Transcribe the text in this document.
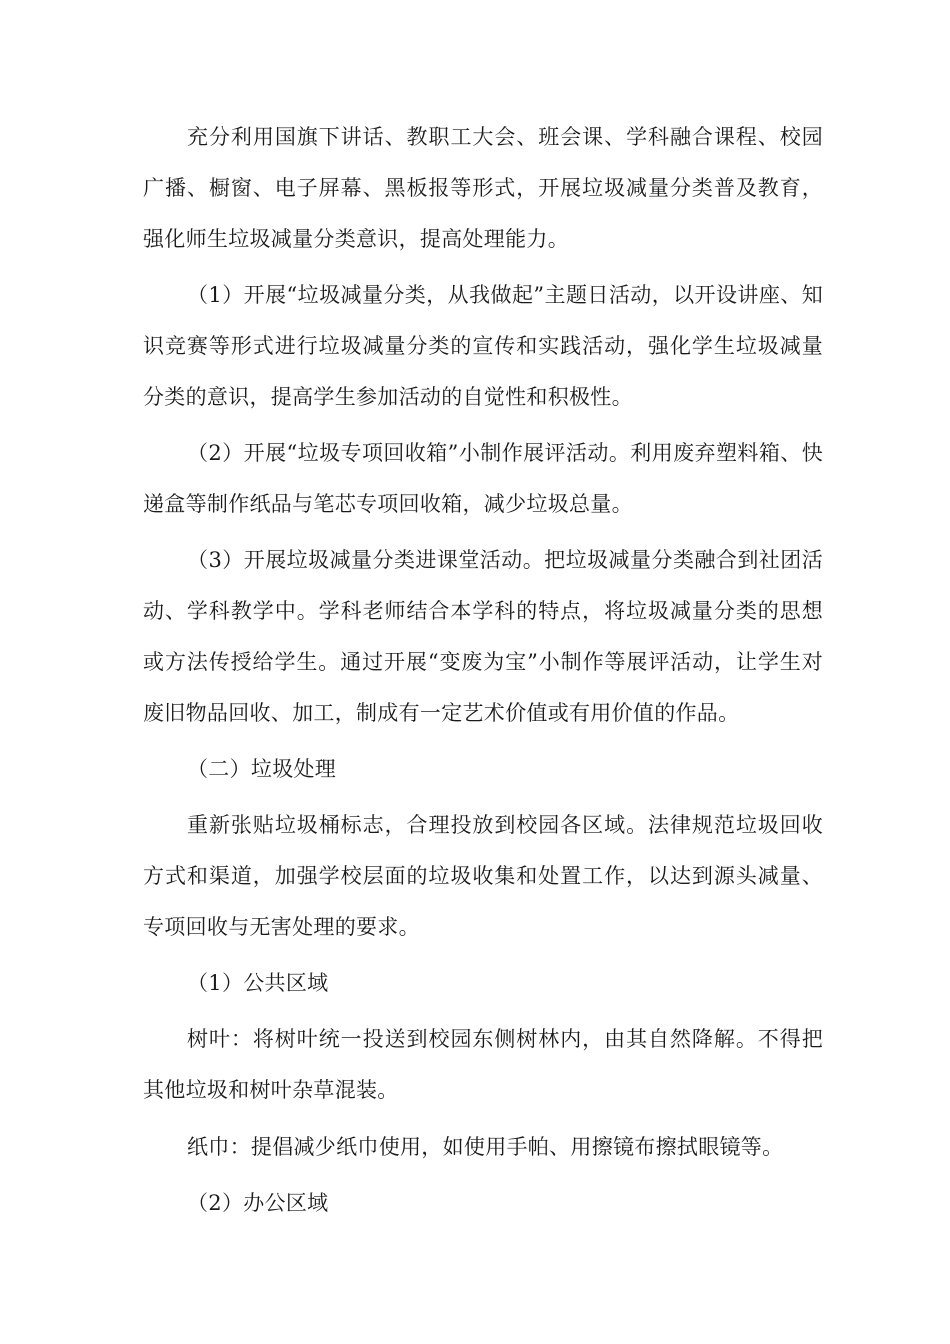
充分利用国旗下讲话、教职工大会、班会课、学科融合课程、校园广播、橱窗、电子屏幕、黑板报等形式，开展垃圾减量分类普及教育，强化师生垃圾减量分类意识，提高处理能力。

（1）开展“垃圾减量分类，从我做起”主题日活动，以开设讲座、知识竞赛等形式进行垃圾减量分类的宣传和实践活动，强化学生垃圾减量分类的意识，提高学生参加活动的自觉性和积极性。

（2）开展“垃圾专项回收箱”小制作展评活动。利用废弃塑料箱、快递盒等制作纸品与笔芯专项回收箱，减少垃圾总量。

（3）开展垃圾减量分类进课堂活动。把垃圾减量分类融合到社团活动、学科教学中。学科老师结合本学科的特点，将垃圾减量分类的思想或方法传授给学生。通过开展“变废为宝”小制作等展评活动，让学生对废旧物品回收、加工，制成有一定艺术价值或有用价值的作品。

（二）垃圾处理

重新张贴垃圾桶标志，合理投放到校园各区域。法律规范垃圾回收方式和渠道，加强学校层面的垃圾收集和处置工作，以达到源头减量、专项回收与无害处理的要求。

（1）公共区域

树叶：将树叶统一投送到校园东侧树林内，由其自然降解。不得把其他垃圾和树叶杂草混装。

纸巾：提倡减少纸巾使用，如使用手帕、用擦镜布擦拭眼镜等。

（2）办公区域
